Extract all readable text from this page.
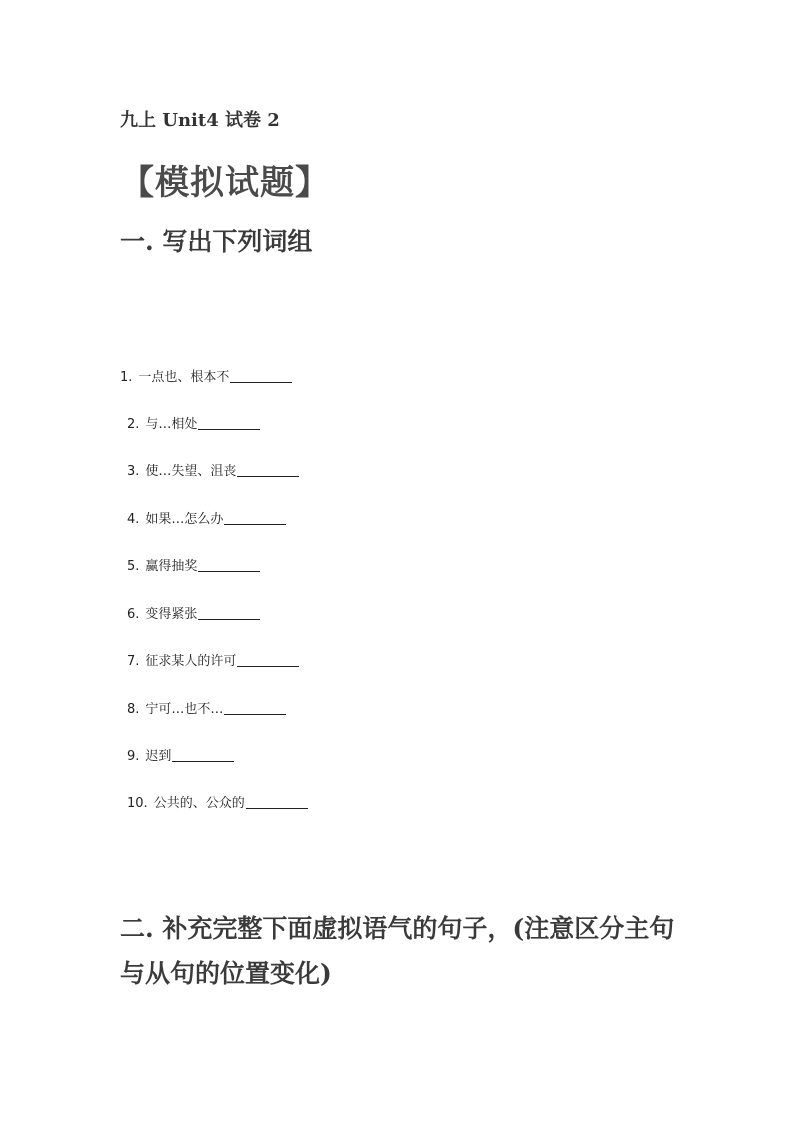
九上 Unit4 试卷 2
【模拟试题】
一. 写出下列词组
1. 一点也、根本不
2. 与…相处
3. 使…失望、沮丧
4. 如果…怎么办
5. 赢得抽奖
6. 变得紧张
7. 征求某人的许可
8. 宁可…也不…
9. 迟到
10. 公共的、公众的
二. 补充完整下面虚拟语气的句子，(注意区分主句与从句的位置变化)
